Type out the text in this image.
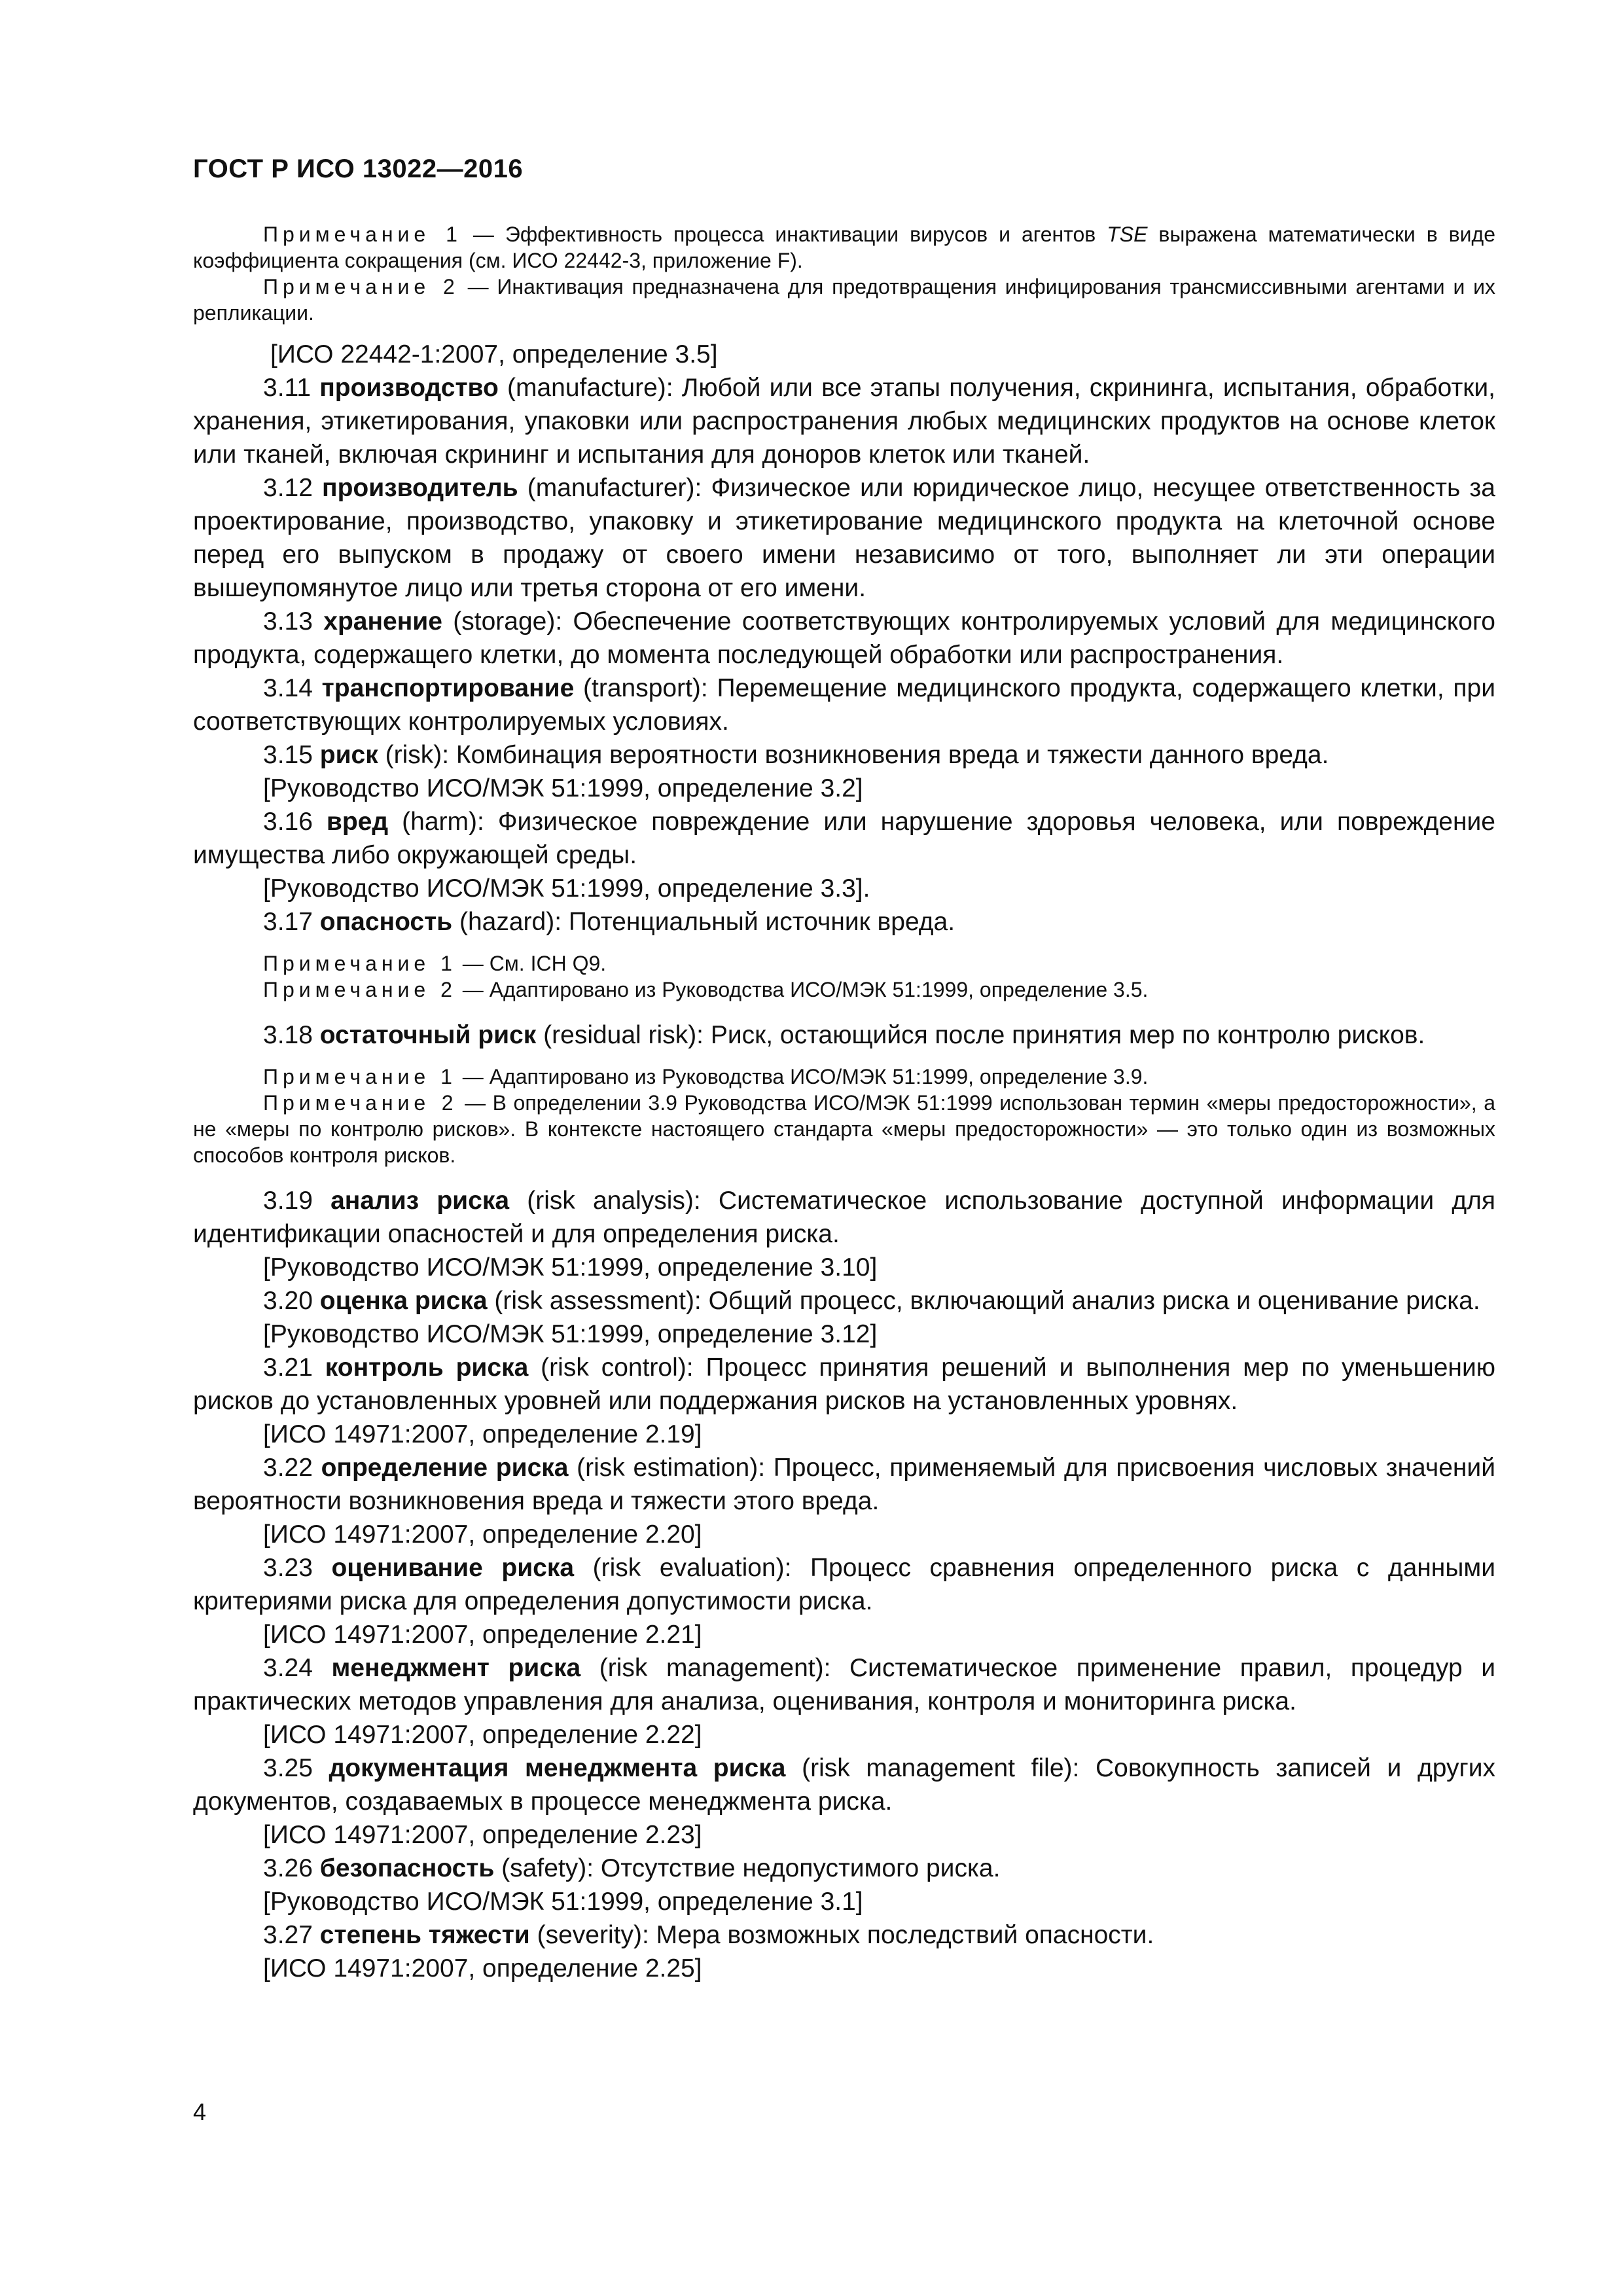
ГОСТ Р ИСО 13022—2016

Примечание 1 — Эффективность процесса инактивации вирусов и агентов TSE выражена математически в виде коэффициента сокращения (см. ИСО 22442-3, приложение F).

Примечание 2 — Инактивация предназначена для предотвращения инфицирования трансмиссивными агентами и их репликации.

[ИСО 22442-1:2007, определение 3.5]

3.11 производство (manufacture): Любой или все этапы получения, скрининга, испытания, обработки, хранения, этикетирования, упаковки или распространения любых медицинских продуктов на основе клеток или тканей, включая скрининг и испытания для доноров клеток или тканей.

3.12 производитель (manufacturer): Физическое или юридическое лицо, несущее ответственность за проектирование, производство, упаковку и этикетирование медицинского продукта на клеточной основе перед его выпуском в продажу от своего имени независимо от того, выполняет ли эти операции вышеупомянутое лицо или третья сторона от его имени.

3.13 хранение (storage): Обеспечение соответствующих контролируемых условий для медицинского продукта, содержащего клетки, до момента последующей обработки или распространения.

3.14 транспортирование (transport): Перемещение медицинского продукта, содержащего клетки, при соответствующих контролируемых условиях.

3.15 риск (risk): Комбинация вероятности возникновения вреда и тяжести данного вреда.

[Руководство ИСО/МЭК 51:1999, определение 3.2]

3.16 вред (harm): Физическое повреждение или нарушение здоровья человека, или повреждение имущества либо окружающей среды.

[Руководство ИСО/МЭК 51:1999, определение 3.3].

3.17 опасность (hazard): Потенциальный источник вреда.

Примечание 1 — См. ICH Q9.

Примечание 2 — Адаптировано из Руководства ИСО/МЭК 51:1999, определение 3.5.

3.18 остаточный риск (residual risk): Риск, остающийся после принятия мер по контролю рисков.

Примечание 1 — Адаптировано из Руководства ИСО/МЭК 51:1999, определение 3.9.

Примечание 2 — В определении 3.9 Руководства ИСО/МЭК 51:1999 использован термин «меры предосторожности», а не «меры по контролю рисков». В контексте настоящего стандарта «меры предосторожности» — это только один из возможных способов контроля рисков.

3.19 анализ риска (risk analysis): Систематическое использование доступной информации для идентификации опасностей и для определения риска.

[Руководство ИСО/МЭК 51:1999, определение 3.10]

3.20 оценка риска (risk assessment): Общий процесс, включающий анализ риска и оценивание риска.

[Руководство ИСО/МЭК 51:1999, определение 3.12]

3.21 контроль риска (risk control): Процесс принятия решений и выполнения мер по уменьшению рисков до установленных уровней или поддержания рисков на установленных уровнях.

[ИСО 14971:2007, определение 2.19]

3.22 определение риска (risk estimation): Процесс, применяемый для присвоения числовых значений вероятности возникновения вреда и тяжести этого вреда.

[ИСО 14971:2007, определение 2.20]

3.23 оценивание риска (risk evaluation): Процесс сравнения определенного риска с данными критериями риска для определения допустимости риска.

[ИСО 14971:2007, определение 2.21]

3.24 менеджмент риска (risk management): Систематическое применение правил, процедур и практических методов управления для анализа, оценивания, контроля и мониторинга риска.

[ИСО 14971:2007, определение 2.22]

3.25 документация менеджмента риска (risk management file): Совокупность записей и других документов, создаваемых в процессе менеджмента риска.

[ИСО 14971:2007, определение 2.23]

3.26 безопасность (safety): Отсутствие недопустимого риска.

[Руководство ИСО/МЭК 51:1999, определение 3.1]

3.27 степень тяжести (severity): Мера возможных последствий опасности.

[ИСО 14971:2007, определение 2.25]

4
